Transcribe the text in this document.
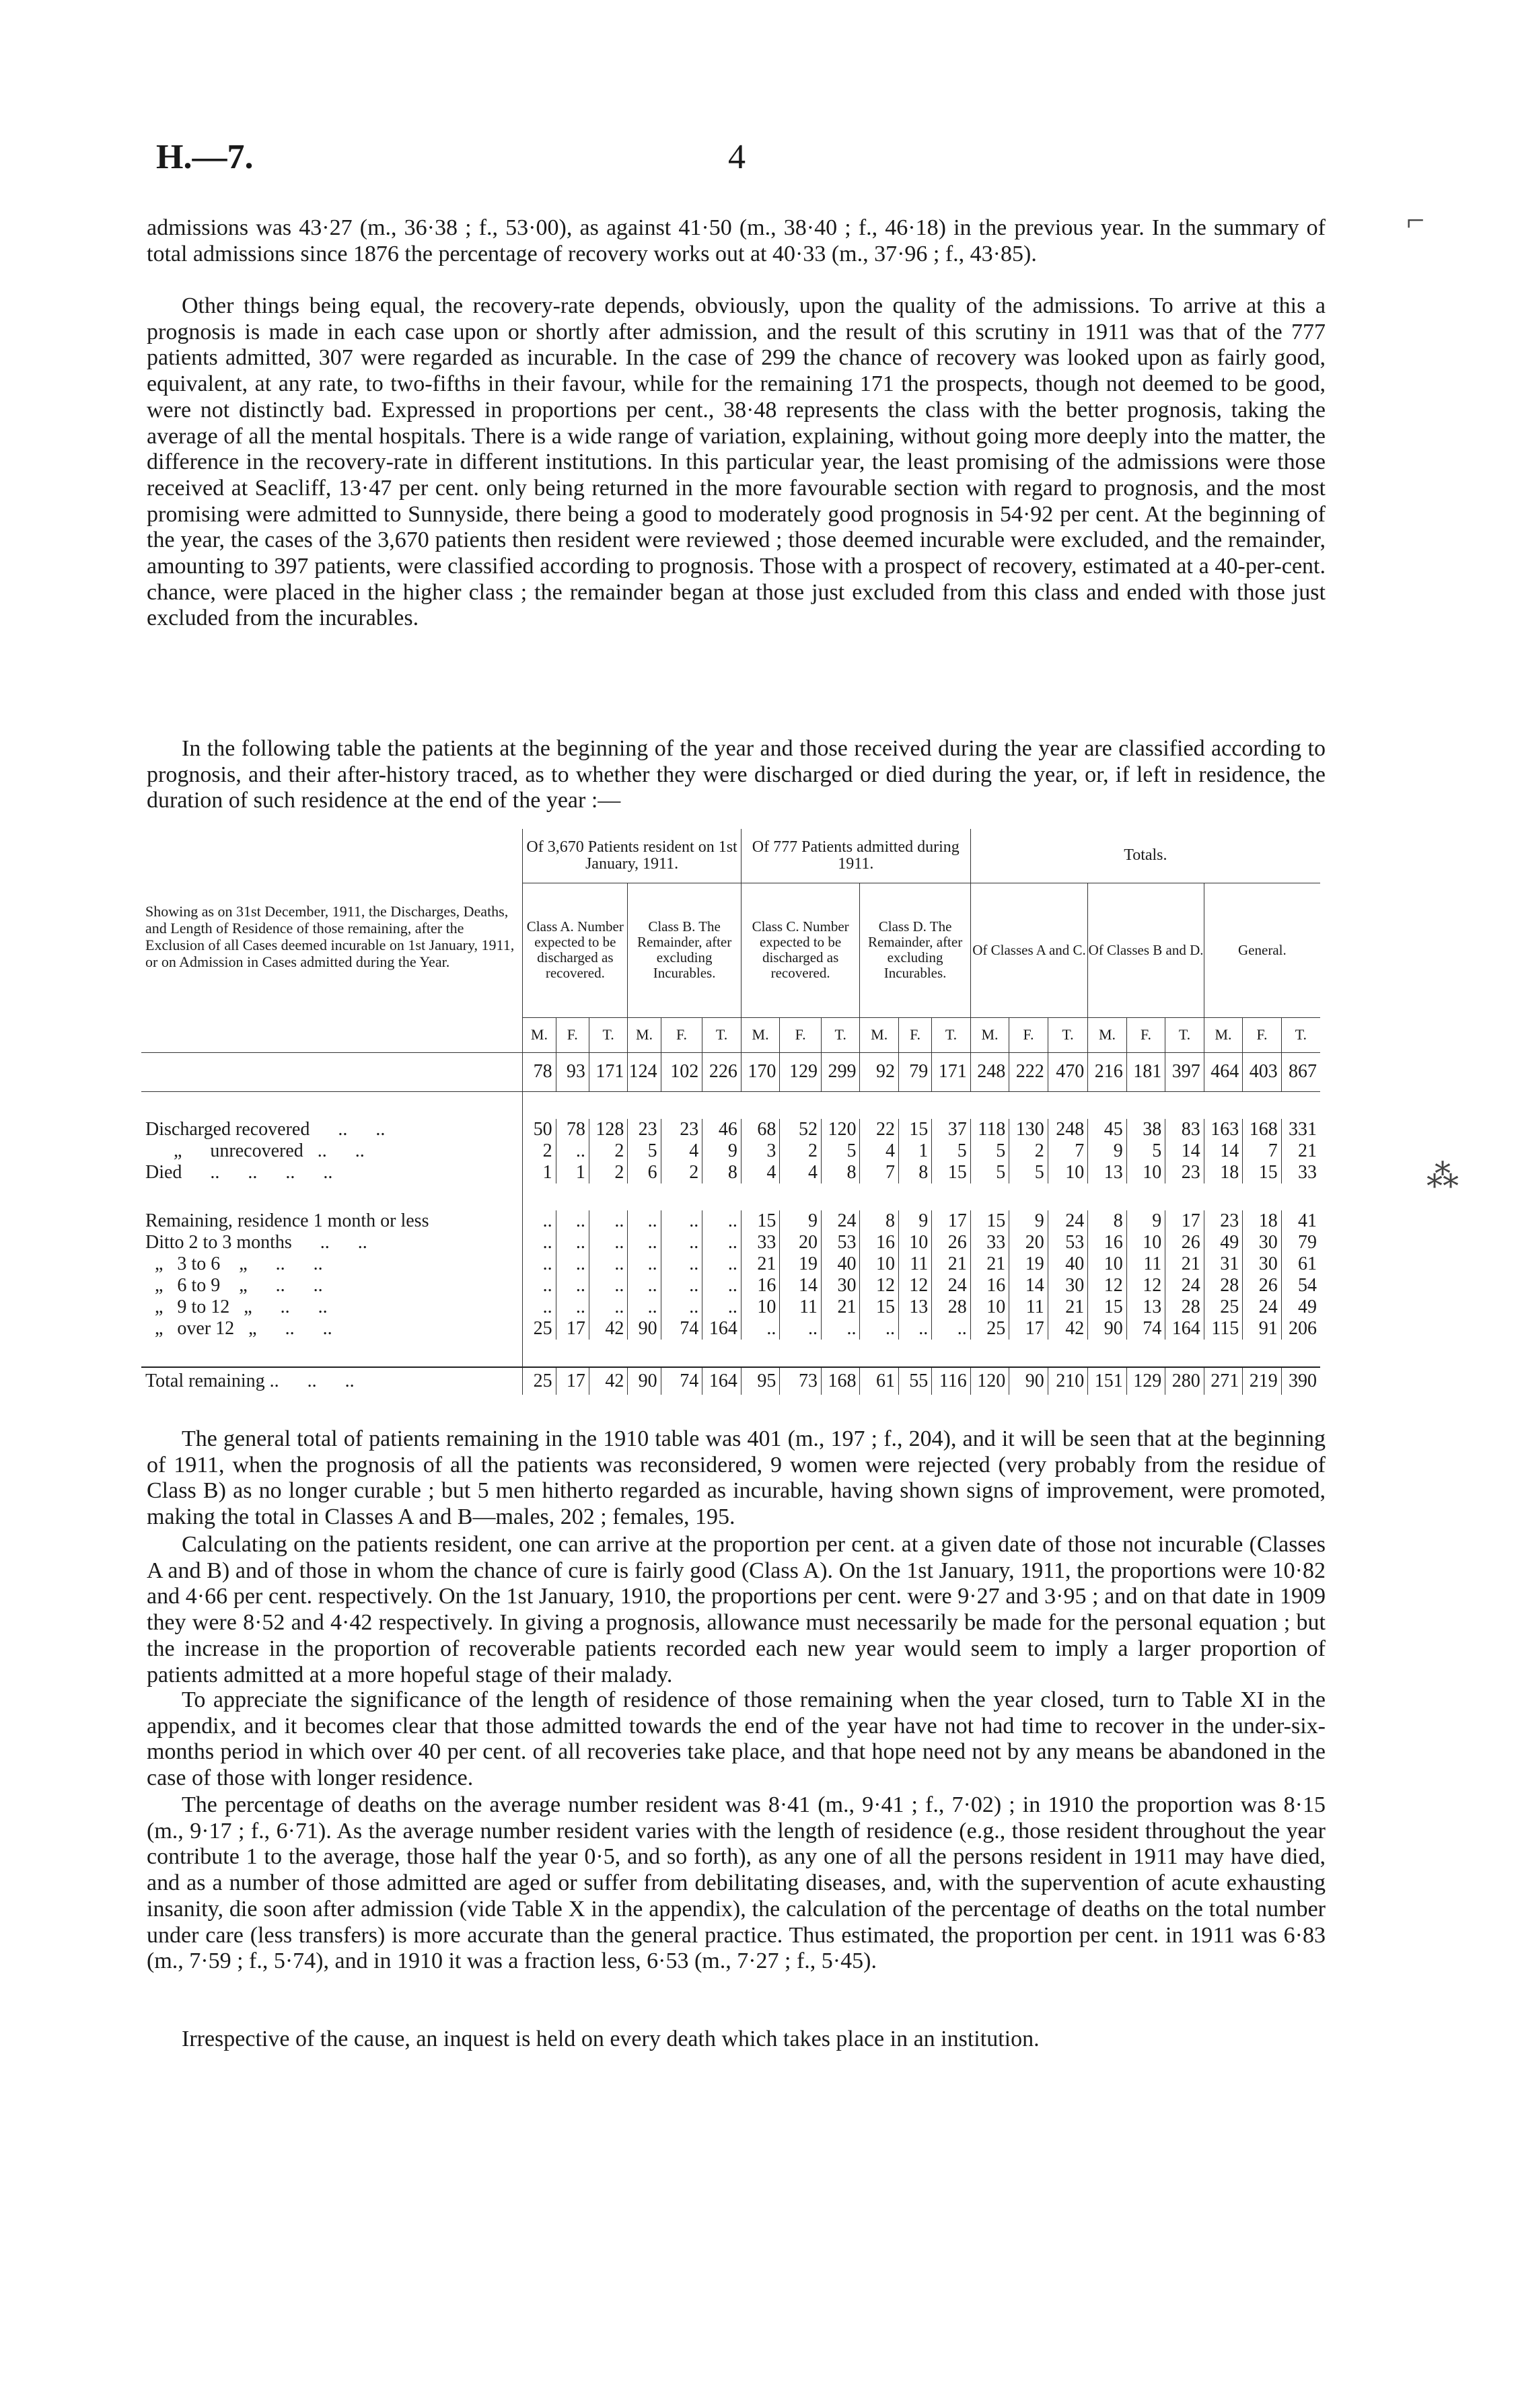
H.—7.	4

admissions was 43·27 (m., 36·38 ; f., 53·00), as against 41·50 (m., 38·40 ; f., 46·18) in the previous year. In the summary of total admissions since 1876 the percentage of recovery works out at 40·33 (m., 37·96 ; f., 43·85).

Other things being equal, the recovery-rate depends, obviously, upon the quality of the admissions. To arrive at this a prognosis is made in each case upon or shortly after admission, and the result of this scrutiny in 1911 was that of the 777 patients admitted, 307 were regarded as incurable. In the case of 299 the chance of recovery was looked upon as fairly good, equivalent, at any rate, to two-fifths in their favour, while for the remaining 171 the prospects, though not deemed to be good, were not distinctly bad. Expressed in proportions per cent., 38·48 represents the class with the better prognosis, taking the average of all the mental hospitals. There is a wide range of variation, explaining, without going more deeply into the matter, the difference in the recovery-rate in different institutions. In this particular year, the least promising of the admissions were those received at Seacliff, 13·47 per cent. only being returned in the more favourable section with regard to prognosis, and the most promising were admitted to Sunnyside, there being a good to moderately good prognosis in 54·92 per cent. At the beginning of the year, the cases of the 3,670 patients then resident were reviewed ; those deemed incurable were excluded, and the remainder, amounting to 397 patients, were classified according to prognosis. Those with a prospect of recovery, estimated at a 40-per-cent. chance, were placed in the higher class ; the remainder began at those just excluded from this class and ended with those just excluded from the incurables.

In the following table the patients at the beginning of the year and those received during the year are classified according to prognosis, and their after-history traced, as to whether they were discharged or died during the year, or, if left in residence, the duration of such residence at the end of the year :—

Showing as on 31st December, 1911, the Discharges, Deaths, and Length of Residence of those remaining, after the Exclusion of all Cases deemed incurable on 1st January, 1911, or on Admission in Cases admitted during the Year.	Of 3,670 Patients resident on 1st January, 1911.						Of 777 Patients admitted during 1911.						Totals.								
	Class A. Number expected to be discharged as recovered.			Class B. The Remainder, after excluding Incurables.			Class C. Number expected to be discharged as recovered.			Class D. The Remainder, after excluding Incurables.			Of Classes A and C.			Of Classes B and D.			General.		
	M.	F.	T.	M.	F.	T.	M.	F.	T.	M.	F.	T.	M.	F.	T.	M.	F.	T.	M.	F.	T.
	78	93	171	124	102	226	170	129	299	92	79	171	248	222	470	216	181	397	464	403	867

Discharged recovered      ..      ..	50	78	128	23	23	46	68	52	120	22	15	37	118	130	248	45	38	83	163	168	331
„      unrecovered   ..      ..	2	..	2	5	4	9	3	2	5	4	1	5	5	2	7	9	5	14	14	7	21
Died      ..      ..      ..      ..	1	1	2	6	2	8	4	4	8	7	8	15	5	5	10	13	10	23	18	15	33

Remaining, residence 1 month or less	..	..	..	..	..	..	15	9	24	8	9	17	15	9	24	8	9	17	23	18	41
Ditto 2 to 3 months      ..      ..	..	..	..	..	..	..	33	20	53	16	10	26	33	20	53	16	10	26	49	30	79
„   3 to 6    „      ..      ..	..	..	..	..	..	..	21	19	40	10	11	21	21	19	40	10	11	21	31	30	61
„   6 to 9    „      ..      ..	..	..	..	..	..	..	16	14	30	12	12	24	16	14	30	12	12	24	28	26	54
„   9 to 12   „      ..      ..	..	..	..	..	..	..	10	11	21	15	13	28	10	11	21	15	13	28	25	24	49
„   over 12   „      ..      ..	25	17	42	90	74	164	..	..	..	..	..	..	25	17	42	90	74	164	115	91	206

Total remaining ..      ..      ..	25	17	42	90	74	164	95	73	168	61	55	116	120	90	210	151	129	280	271	219	390

The general total of patients remaining in the 1910 table was 401 (m., 197 ; f., 204), and it will be seen that at the beginning of 1911, when the prognosis of all the patients was reconsidered, 9 women were rejected (very probably from the residue of Class B) as no longer curable ; but 5 men hitherto regarded as incurable, having shown signs of improvement, were promoted, making the total in Classes A and B—males, 202 ; females, 195.

Calculating on the patients resident, one can arrive at the proportion per cent. at a given date of those not incurable (Classes A and B) and of those in whom the chance of cure is fairly good (Class A). On the 1st January, 1911, the proportions were 10·82 and 4·66 per cent. respectively. On the 1st January, 1910, the proportions per cent. were 9·27 and 3·95 ; and on that date in 1909 they were 8·52 and 4·42 respectively. In giving a prognosis, allowance must necessarily be made for the personal equation ; but the increase in the proportion of recoverable patients recorded each new year would seem to imply a larger proportion of patients admitted at a more hopeful stage of their malady.

To appreciate the significance of the length of residence of those remaining when the year closed, turn to Table XI in the appendix, and it becomes clear that those admitted towards the end of the year have not had time to recover in the under-six-months period in which over 40 per cent. of all recoveries take place, and that hope need not by any means be abandoned in the case of those with longer residence.

The percentage of deaths on the average number resident was 8·41 (m., 9·41 ; f., 7·02) ; in 1910 the proportion was 8·15 (m., 9·17 ; f., 6·71). As the average number resident varies with the length of residence (e.g., those resident throughout the year contribute 1 to the average, those half the year 0·5, and so forth), as any one of all the persons resident in 1911 may have died, and as a number of those admitted are aged or suffer from debilitating diseases, and, with the supervention of acute exhausting insanity, die soon after admission (vide Table X in the appendix), the calculation of the percentage of deaths on the total number under care (less transfers) is more accurate than the general practice. Thus estimated, the proportion per cent. in 1911 was 6·83 (m., 7·59 ; f., 5·74), and in 1910 it was a fraction less, 6·53 (m., 7·27 ; f., 5·45).

Irrespective of the cause, an inquest is held on every death which takes place in an institution.

⌐
⁂
